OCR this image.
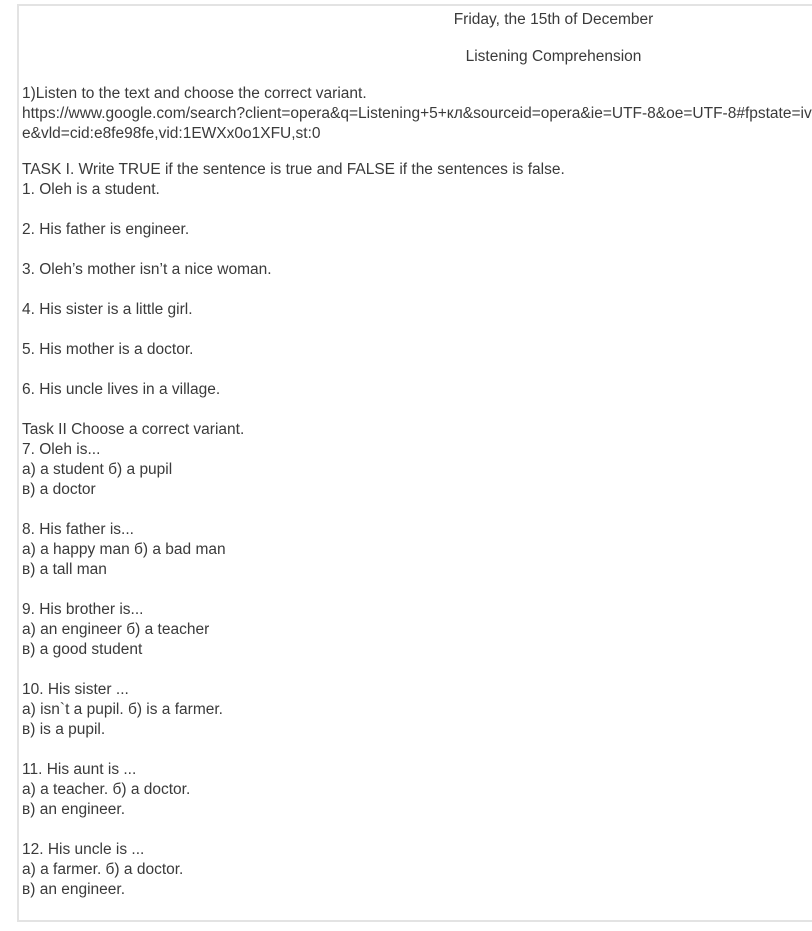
Friday, the 15th of December
Listening Comprehension
1)Listen to the text and choose the correct variant.
https://www.google.com/search?client=opera&q=Listening+5+кл&sourceid=opera&ie=UTF-8&oe=UTF-8#fpstate=ive&vld=cid:e8fe98fe,vid:1EWXx0o1XFU,st:0
TASK I. Write TRUE if the sentence is true and FALSE if the sentences is false.
1. Oleh is a student.
2. His father is engineer.
3. Oleh’s mother isn’t a nice woman.
4. His sister is a little girl.
5. His mother is a doctor.
6. His uncle lives in a village.
Task II Choose a correct variant.
7. Oleh is...
а) a student б) a pupil
в) a doctor
8. His father is...
а) a happy man б) a bad man
в) a tall man
9. His brother is...
а) an engineer б) a teacher
в) a good student
10. His sister ...
а) isn`t a pupil. б) is a farmer.
в) is a pupil.
11. His aunt is ...
а) a teacher. б) a doctor.
в) an engineer.
12. His uncle is ...
а) a farmer. б) a doctor.
в) an engineer.
